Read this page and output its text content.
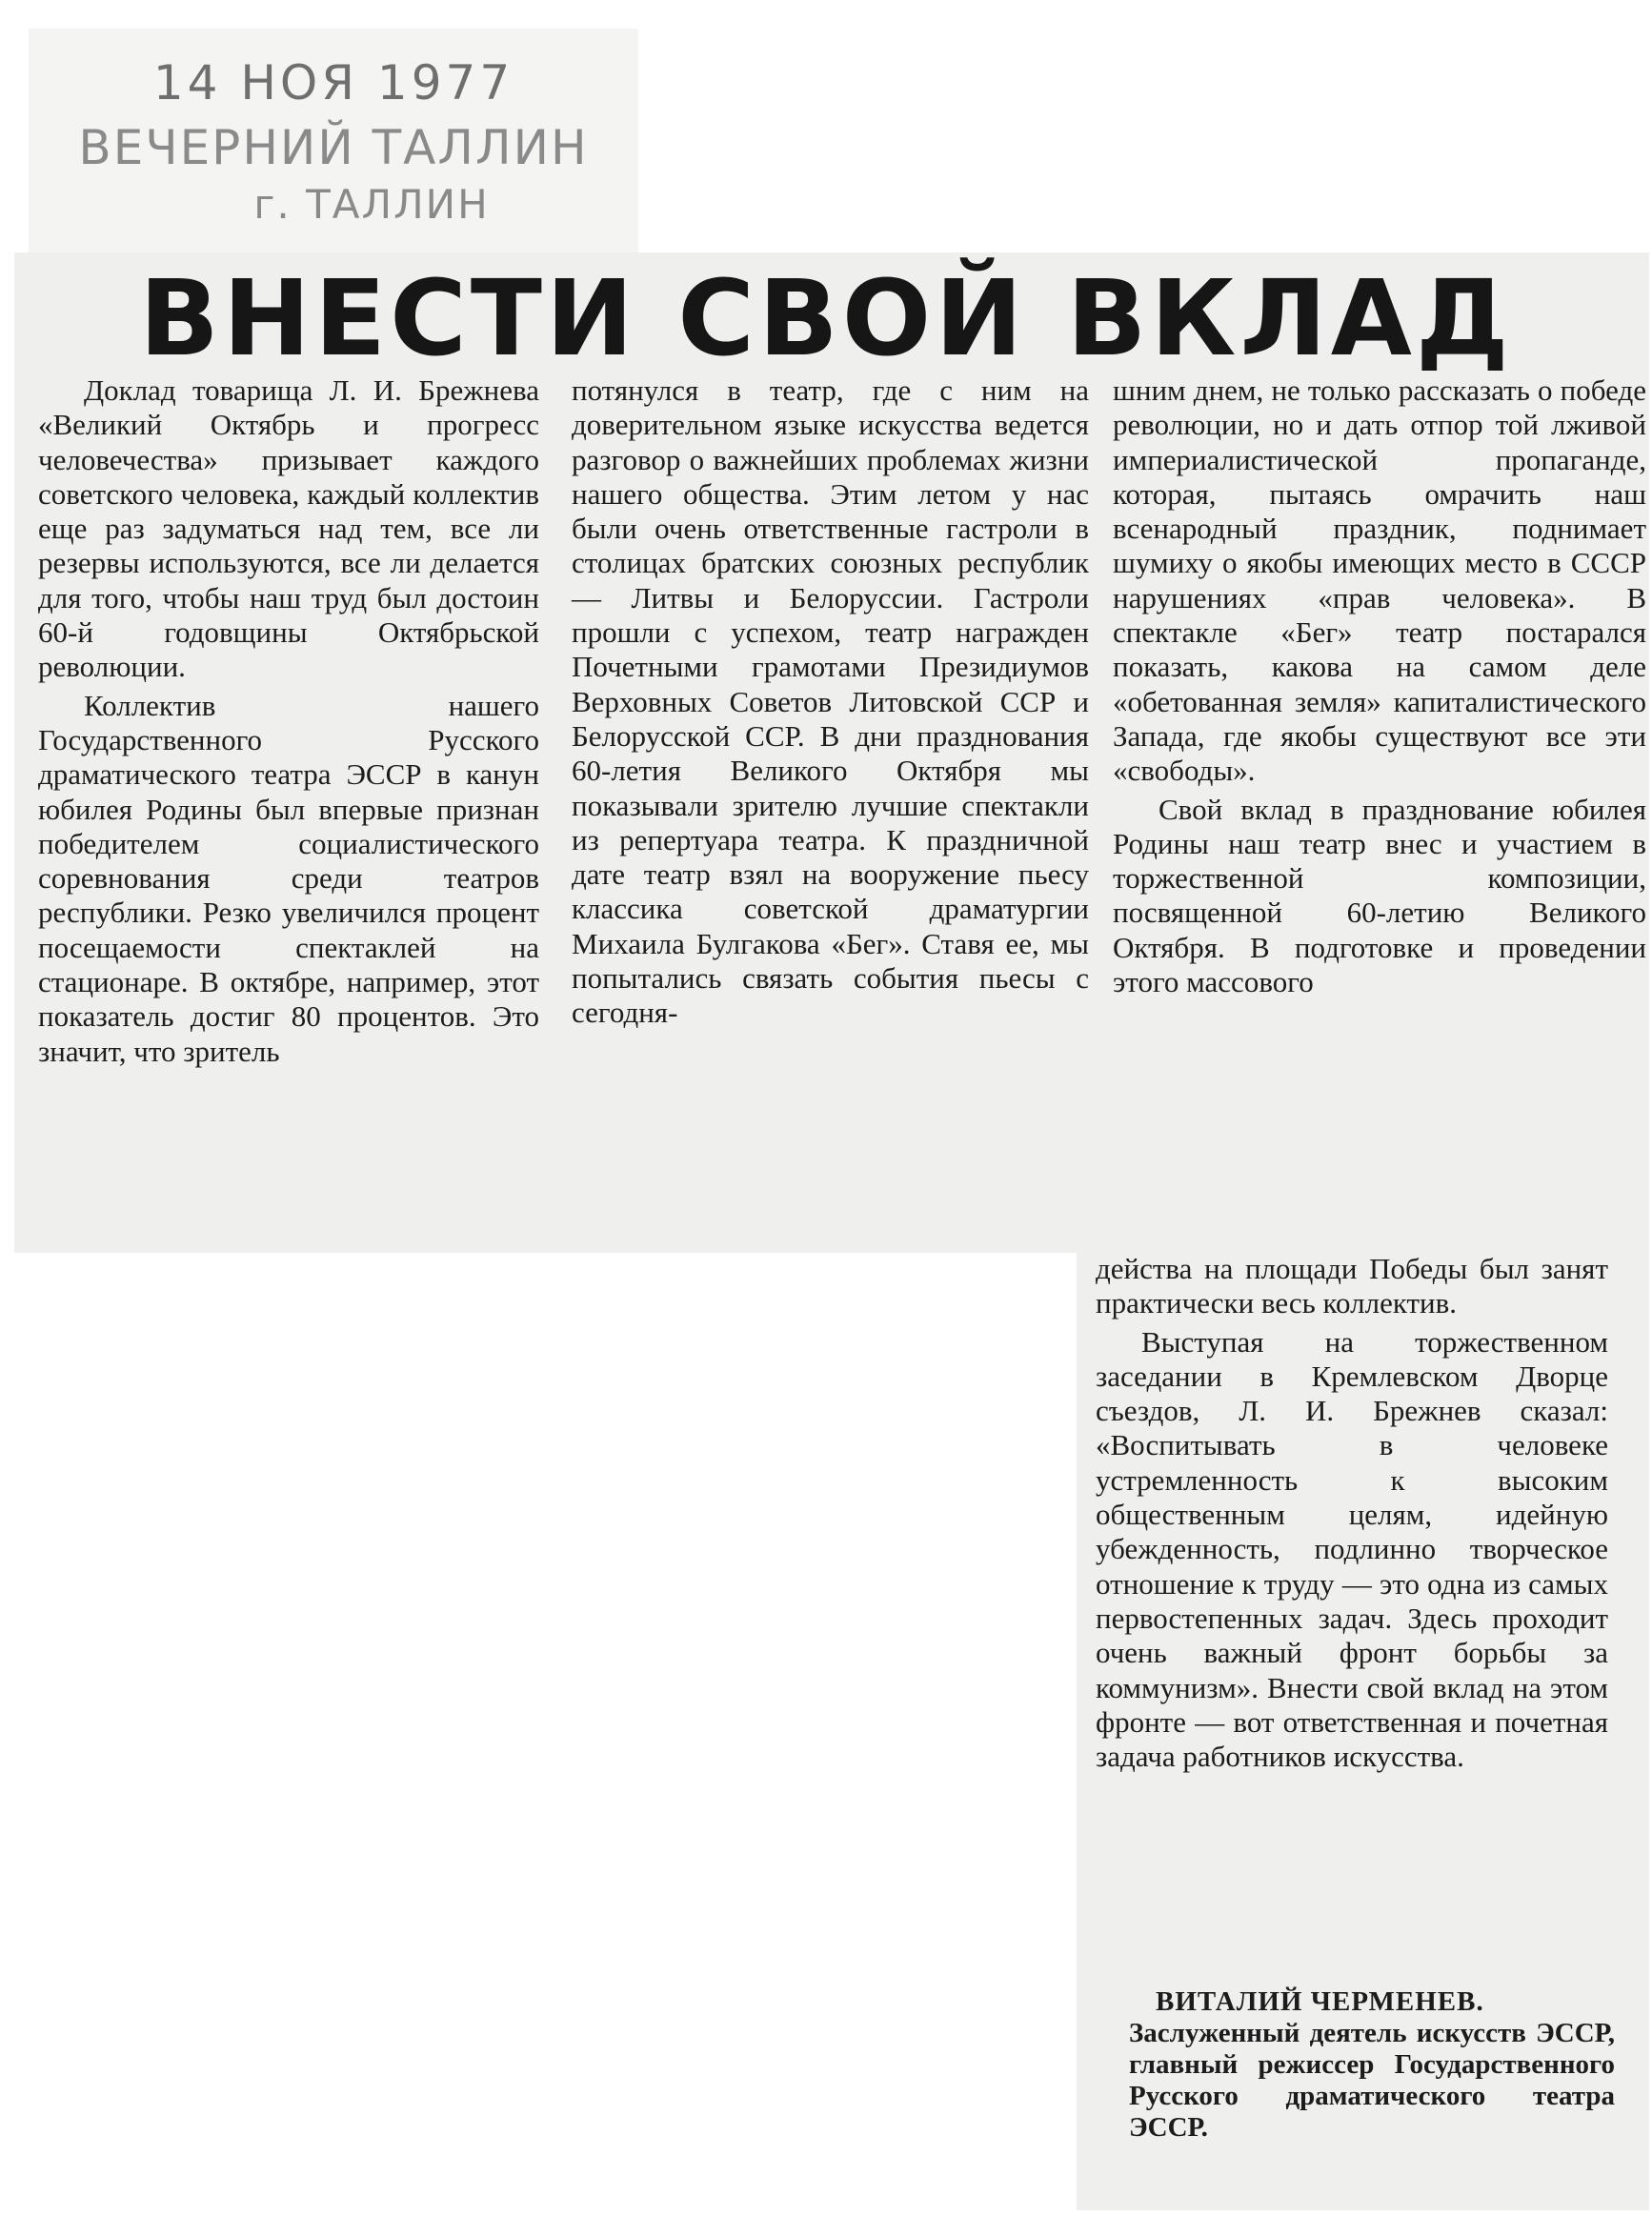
14 НОЯ 1977
ВЕЧЕРНИЙ ТАЛЛИН
г. ТАЛЛИН
ВНЕСТИ СВОЙ ВКЛАД

Доклад товарища Л. И. Брежнева «Великий Октябрь и прогресс человечества» призывает каждого советского человека, каждый коллектив еще раз задуматься над тем, все ли резервы используются, все ли делается для того, чтобы наш труд был достоин 60-й годовщины Октябрьской революции.

Коллектив нашего Государственного Русского драматического театра ЭССР в канун юбилея Родины был впервые признан победителем социалистического соревнования среди театров республики. Резко увеличился процент посещаемости спектаклей на стационаре. В октябре, например, этот показатель достиг 80 процентов. Это значит, что зритель

потянулся в театр, где с ним на доверительном языке искусства ведется разговор о важнейших проблемах жизни нашего общества. Этим летом у нас были очень ответственные гастроли в столицах братских союзных республик — Литвы и Белоруссии. Гастроли прошли с успехом, театр награжден Почетными грамотами Президиумов Верховных Советов Литовской ССР и Белорусской ССР. В дни празднования 60-летия Великого Октября мы показывали зрителю лучшие спектакли из репертуара театра. К праздничной дате театр взял на вооружение пьесу классика советской драматургии Михаила Булгакова «Бег». Ставя ее, мы попытались связать события пьесы с сегодня-

шним днем, не только рассказать о победе революции, но и дать отпор той лживой империалистической пропаганде, которая, пытаясь омрачить наш всенародный праздник, поднимает шумиху о якобы имеющих место в СССР нарушениях «прав человека». В спектакле «Бег» театр постарался показать, какова на самом деле «обетованная земля» капиталистического Запада, где якобы существуют все эти «свободы».

Свой вклад в празднование юбилея Родины наш театр внес и участием в торжественной композиции, посвященной 60-летию Великого Октября. В подготовке и проведении этого массового

действа на площади Победы был занят практически весь коллектив.

Выступая на торжественном заседании в Кремлевском Дворце съездов, Л. И. Брежнев сказал: «Воспитывать в человеке устремленность к высоким общественным целям, идейную убежденность, подлинно творческое отношение к труду — это одна из самых первостепенных задач. Здесь проходит очень важный фронт борьбы за коммунизм». Внести свой вклад на этом фронте — вот ответственная и почетная задача работников искусства.

ВИТАЛИЙ ЧЕРМЕНЕВ.
Заслуженный деятель искусств ЭССР, главный режиссер Государственного Русского драматического театра ЭССР.
